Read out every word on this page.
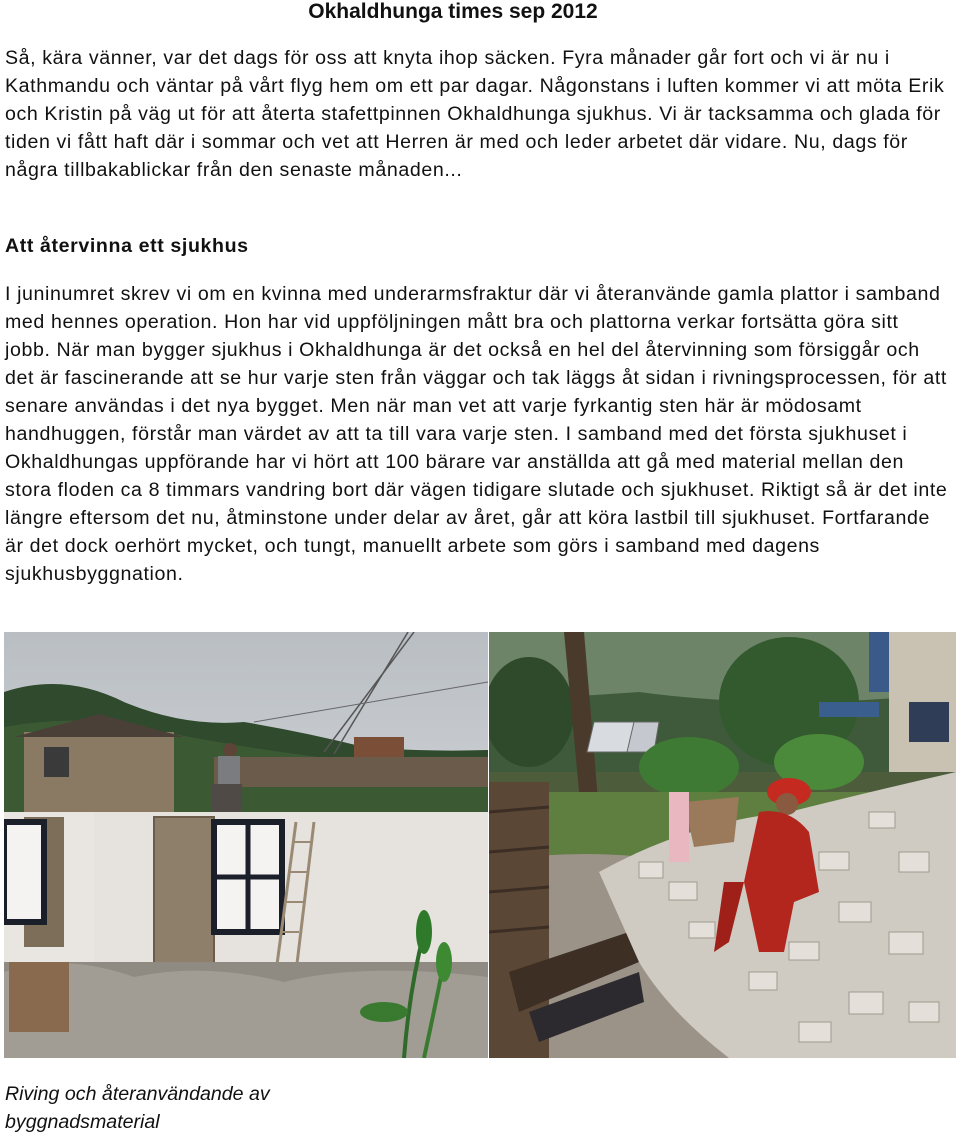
Okhaldhunga times sep 2012

Så, kära vänner, var det dags för oss att knyta ihop säcken. Fyra månader går fort och vi är nu i Kathmandu och väntar på vårt flyg hem om ett par dagar. Någonstans i luften kommer vi att möta Erik och Kristin på väg ut för att återta stafettpinnen Okhaldhunga sjukhus. Vi är tacksamma och glada för tiden vi fått haft där i sommar och vet att Herren är med och leder arbetet där vidare. Nu, dags för några tillbakablickar från den senaste månaden...

Att återvinna ett sjukhus

I juninumret skrev vi om en kvinna med underarmsfraktur där vi återanvände gamla plattor i samband med hennes operation. Hon har vid uppföljningen mått bra och plattorna verkar fortsätta göra sitt jobb. När man bygger sjukhus i Okhaldhunga är det också en hel del återvinning som försiggår och det är fascinerande att se hur varje sten från väggar och tak läggs åt sidan i rivningsprocessen, för att senare användas i det nya bygget. Men när man vet att varje fyrkantig sten här är mödosamt handhuggen, förstår man värdet av att ta till vara varje sten. I samband med det första sjukhuset i Okhaldhungas uppförande har vi hört att 100 bärare var anställda att gå med material mellan den stora floden ca 8 timmars vandring bort där vägen tidigare slutade och sjukhuset. Riktigt så är det inte längre eftersom det nu, åtminstone under delar av året, går att köra lastbil till sjukhuset. Fortfarande är det dock oerhört mycket, och tungt, manuellt arbete som görs i samband med dagens sjukhusbyggnation.

Riving och återanvändande av byggnadsmaterial
